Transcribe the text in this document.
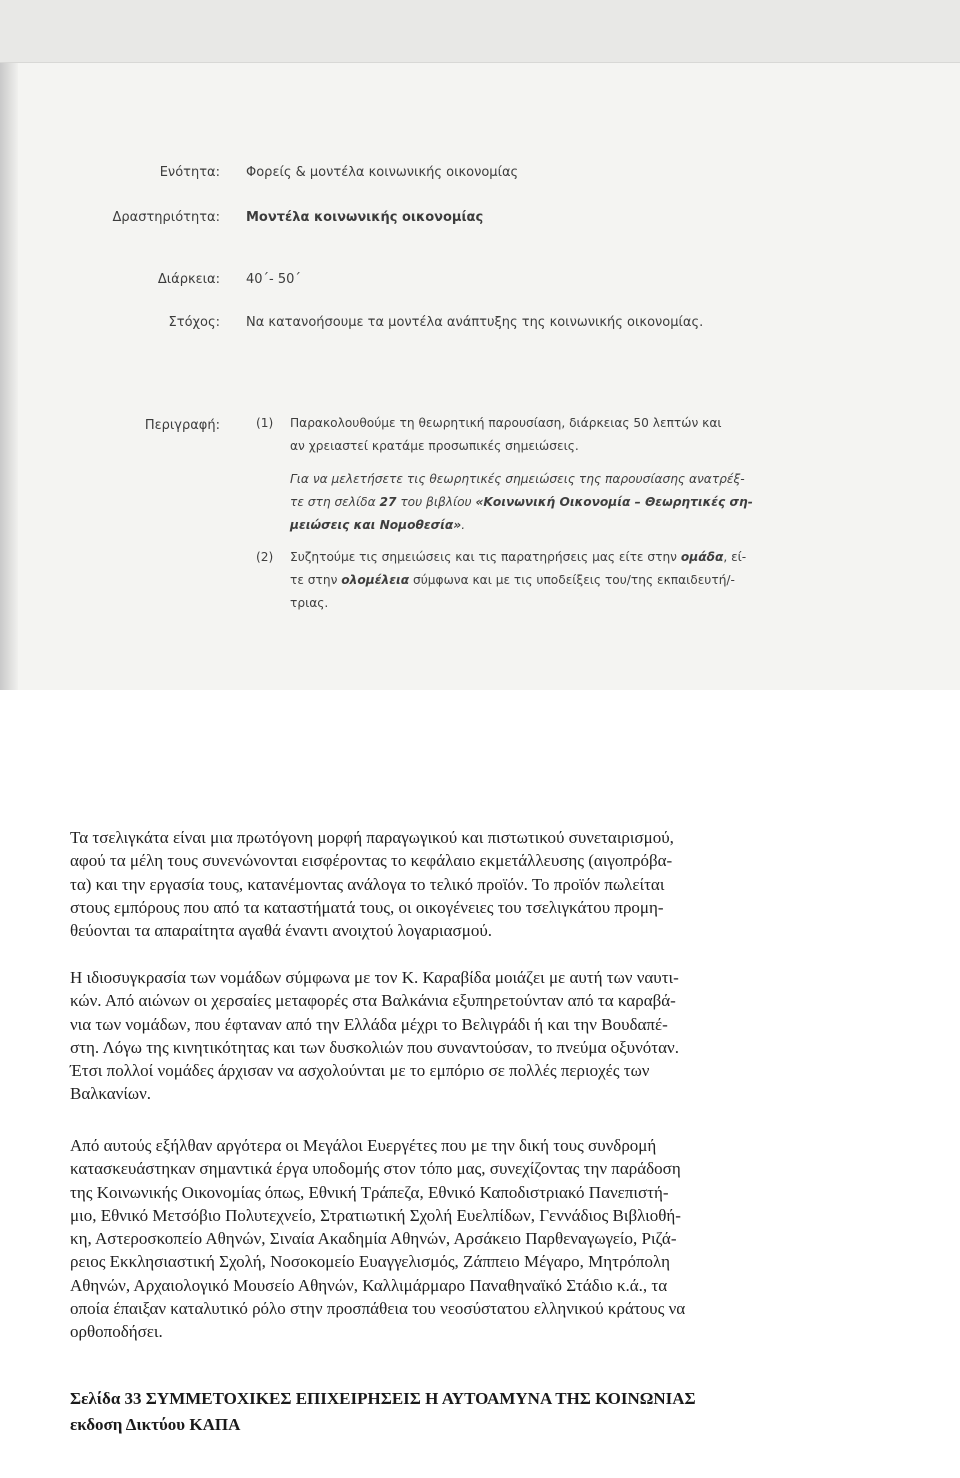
Ενότητα: Φορείς & μοντέλα κοινωνικής οικονομίας
Δραστηριότητα: Μοντέλα κοινωνικής οικονομίας
Διάρκεια: 40΄- 50΄
Στόχος: Να κατανοήσουμε τα μοντέλα ανάπτυξης της κοινωνικής οικονομίας.
Περιγραφή:	(1) Παρακολουθούμε τη θεωρητική παρουσίαση, διάρκειας 50 λεπτών και
αν χρειαστεί κρατάμε προσωπικές σημειώσεις.
Για να μελετήσετε τις θεωρητικές σημειώσεις της παρουσίασης ανατρέξ-
τε στη σελίδα 27 του βιβλίου «Κοινωνική Οικονομία – Θεωρητικές ση-
μειώσεις και Νομοθεσία».
(2) Συζητούμε τις σημειώσεις και τις παρατηρήσεις μας είτε στην ομάδα, εί-
τε στην ολομέλεια σύμφωνα και με τις υποδείξεις του/της εκπαιδευτή/-
τριας.
Τα τσελιγκάτα είναι μια πρωτόγονη μορφή παραγωγικού και πιστωτικού συνεταιρισμού,
αφού τα μέλη τους συνενώνονται εισφέροντας το κεφάλαιο εκμετάλλευσης (αιγοπρόβα-
τα) και την εργασία τους, κατανέμοντας ανάλογα το τελικό προϊόν. Το προϊόν πωλείται
στους εμπόρους που από τα καταστήματά τους, οι οικογένειες του τσελιγκάτου προμη-
θεύονται τα απαραίτητα αγαθά έναντι ανοιχτού λογαριασμού.
Η ιδιοσυγκρασία των νομάδων σύμφωνα με τον Κ. Καραβίδα μοιάζει με αυτή των ναυτι-
κών. Από αιώνων οι χερσαίες μεταφορές στα Βαλκάνια εξυπηρετούνταν από τα καραβά-
νια των νομάδων, που έφταναν από την Ελλάδα μέχρι το Βελιγράδι ή και την Βουδαπέ-
στη. Λόγω της κινητικότητας και των δυσκολιών που συναντούσαν, το πνεύμα οξυνόταν.
Έτσι πολλοί νομάδες άρχισαν να ασχολούνται με το εμπόριο σε πολλές περιοχές των
Βαλκανίων.
Από αυτούς εξήλθαν αργότερα οι Μεγάλοι Ευεργέτες που με την δική τους συνδρομή
κατασκευάστηκαν σημαντικά έργα υποδομής στον τόπο μας, συνεχίζοντας την παράδοση
της Κοινωνικής Οικονομίας όπως, Εθνική Τράπεζα, Εθνικό Καποδιστριακό Πανεπιστή-
μιο, Εθνικό Μετσόβιο Πολυτεχνείο, Στρατιωτική Σχολή Ευελπίδων, Γεννάδιος Βιβλιοθή-
κη, Αστεροσκοπείο Αθηνών, Σιναία Ακαδημία Αθηνών, Αρσάκειο Παρθεναγωγείο, Ριζά-
ρειος Εκκλησιαστική Σχολή, Νοσοκομείο Ευαγγελισμός, Ζάππειο Μέγαρο, Μητρόπολη
Αθηνών, Αρχαιολογικό Μουσείο Αθηνών, Καλλιμάρμαρο Παναθηναϊκό Στάδιο κ.ά., τα
οποία έπαιξαν καταλυτικό ρόλο στην προσπάθεια του νεοσύστατου ελληνικού κράτους να
ορθοποδήσει.
Σελίδα 33 ΣΥΜΜΕΤΟΧΙΚΕΣ ΕΠΙΧΕΙΡΗΣΕΙΣ Η ΑΥΤΟΑΜΥΝΑ ΤΗΣ ΚΟΙΝΩΝΙΑΣ
εκδοση Δικτύου ΚΑΠΑ
